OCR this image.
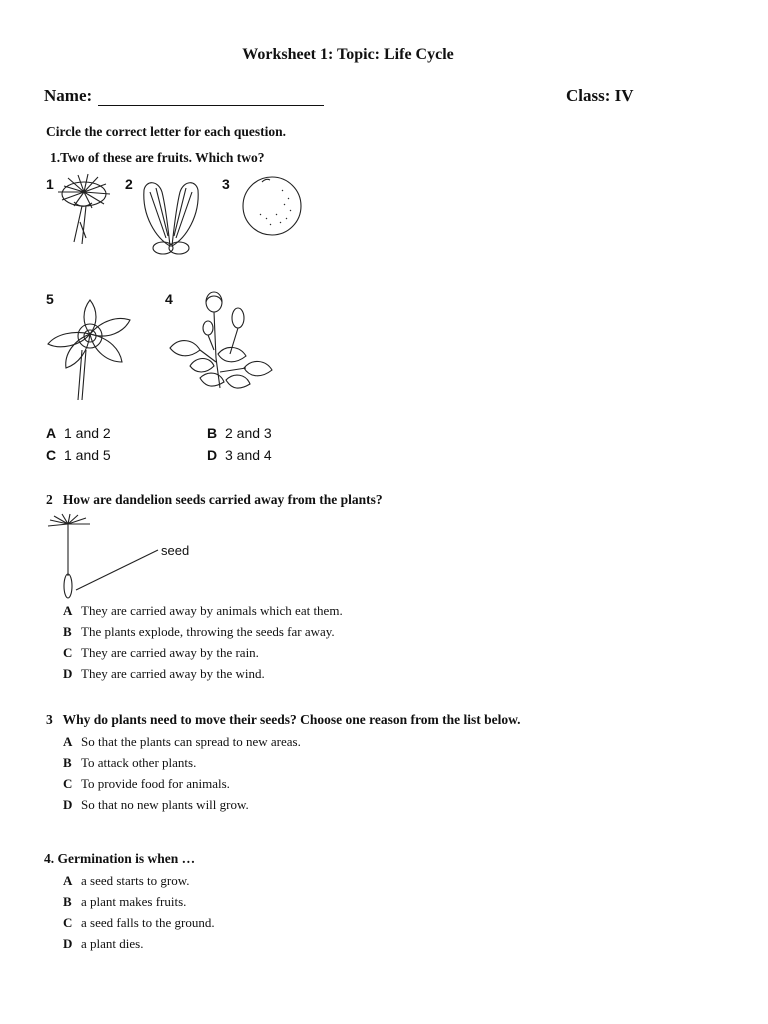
Worksheet 1: Topic: Life Cycle
Name:	Class: IV
Circle the correct letter for each question.
1.Two of these are fruits. Which two?
1	2	3
5	4
A 1 and 2	B 2 and 3
C 1 and 5	D 3 and 4
2   How are dandelion seeds carried away from the plants?
seed
A They are carried away by animals which eat them.
B The plants explode, throwing the seeds far away.
C They are carried away by the rain.
D They are carried away by the wind.
3   Why do plants need to move their seeds? Choose one reason from the list below.
A So that the plants can spread to new areas.
B To attack other plants.
C To provide food for animals.
D So that no new plants will grow.
4. Germination is when …
A a seed starts to grow.
B a plant makes fruits.
C a seed falls to the ground.
D a plant dies.
